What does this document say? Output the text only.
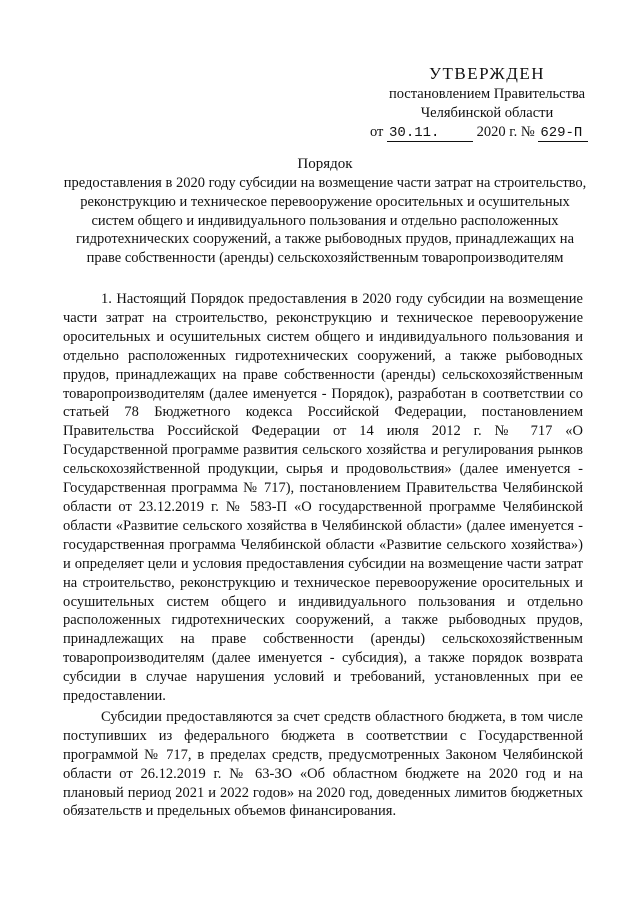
УТВЕРЖДЕН
постановлением Правительства
Челябинской области
от 30.11.	2020 г. № 629-П
Порядок
предоставления в 2020 году субсидии на возмещение части затрат на строительство, реконструкцию и техническое перевооружение оросительных и осушительных систем общего и индивидуального пользования и отдельно расположенных гидротехнических сооружений, а также рыбоводных прудов, принадлежащих на праве собственности (аренды) сельскохозяйственным товаропроизводителям

1. Настоящий Порядок предоставления в 2020 году субсидии на возмещение части затрат на строительство, реконструкцию и техническое перевооружение оросительных и осушительных систем общего и индивидуального пользования и отдельно расположенных гидротехнических сооружений, а также рыбоводных прудов, принадлежащих на праве собственности (аренды) сельскохозяйственным товаропроизводителям (далее именуется - Порядок), разработан в соответствии со статьей 78 Бюджетного кодекса Российской Федерации, постановлением Правительства Российской Федерации от 14 июля 2012 г. № 717 «О Государственной программе развития сельского хозяйства и регулирования рынков сельскохозяйственной продукции, сырья и продовольствия» (далее именуется - Государственная программа № 717), постановлением Правительства Челябинской области от 23.12.2019 г. № 583-П «О государственной программе Челябинской области «Развитие сельского хозяйства в Челябинской области» (далее именуется - государственная программа Челябинской области «Развитие сельского хозяйства») и определяет цели и условия предоставления субсидии на возмещение части затрат на строительство, реконструкцию и техническое перевооружение оросительных и осушительных систем общего и индивидуального пользования и отдельно расположенных гидротехнических сооружений, а также рыбоводных прудов, принадлежащих на праве собственности (аренды) сельскохозяйственным товаропроизводителям (далее именуется - субсидия), а также порядок возврата субсидии в случае нарушения условий и требований, установленных при ее предоставлении.

Субсидии предоставляются за счет средств областного бюджета, в том числе поступивших из федерального бюджета в соответствии с Государственной программой № 717, в пределах средств, предусмотренных Законом Челябинской области от 26.12.2019 г. № 63-ЗО «Об областном бюджете на 2020 год и на плановый период 2021 и 2022 годов» на 2020 год, доведенных лимитов бюджетных обязательств и предельных объемов финансирования.
